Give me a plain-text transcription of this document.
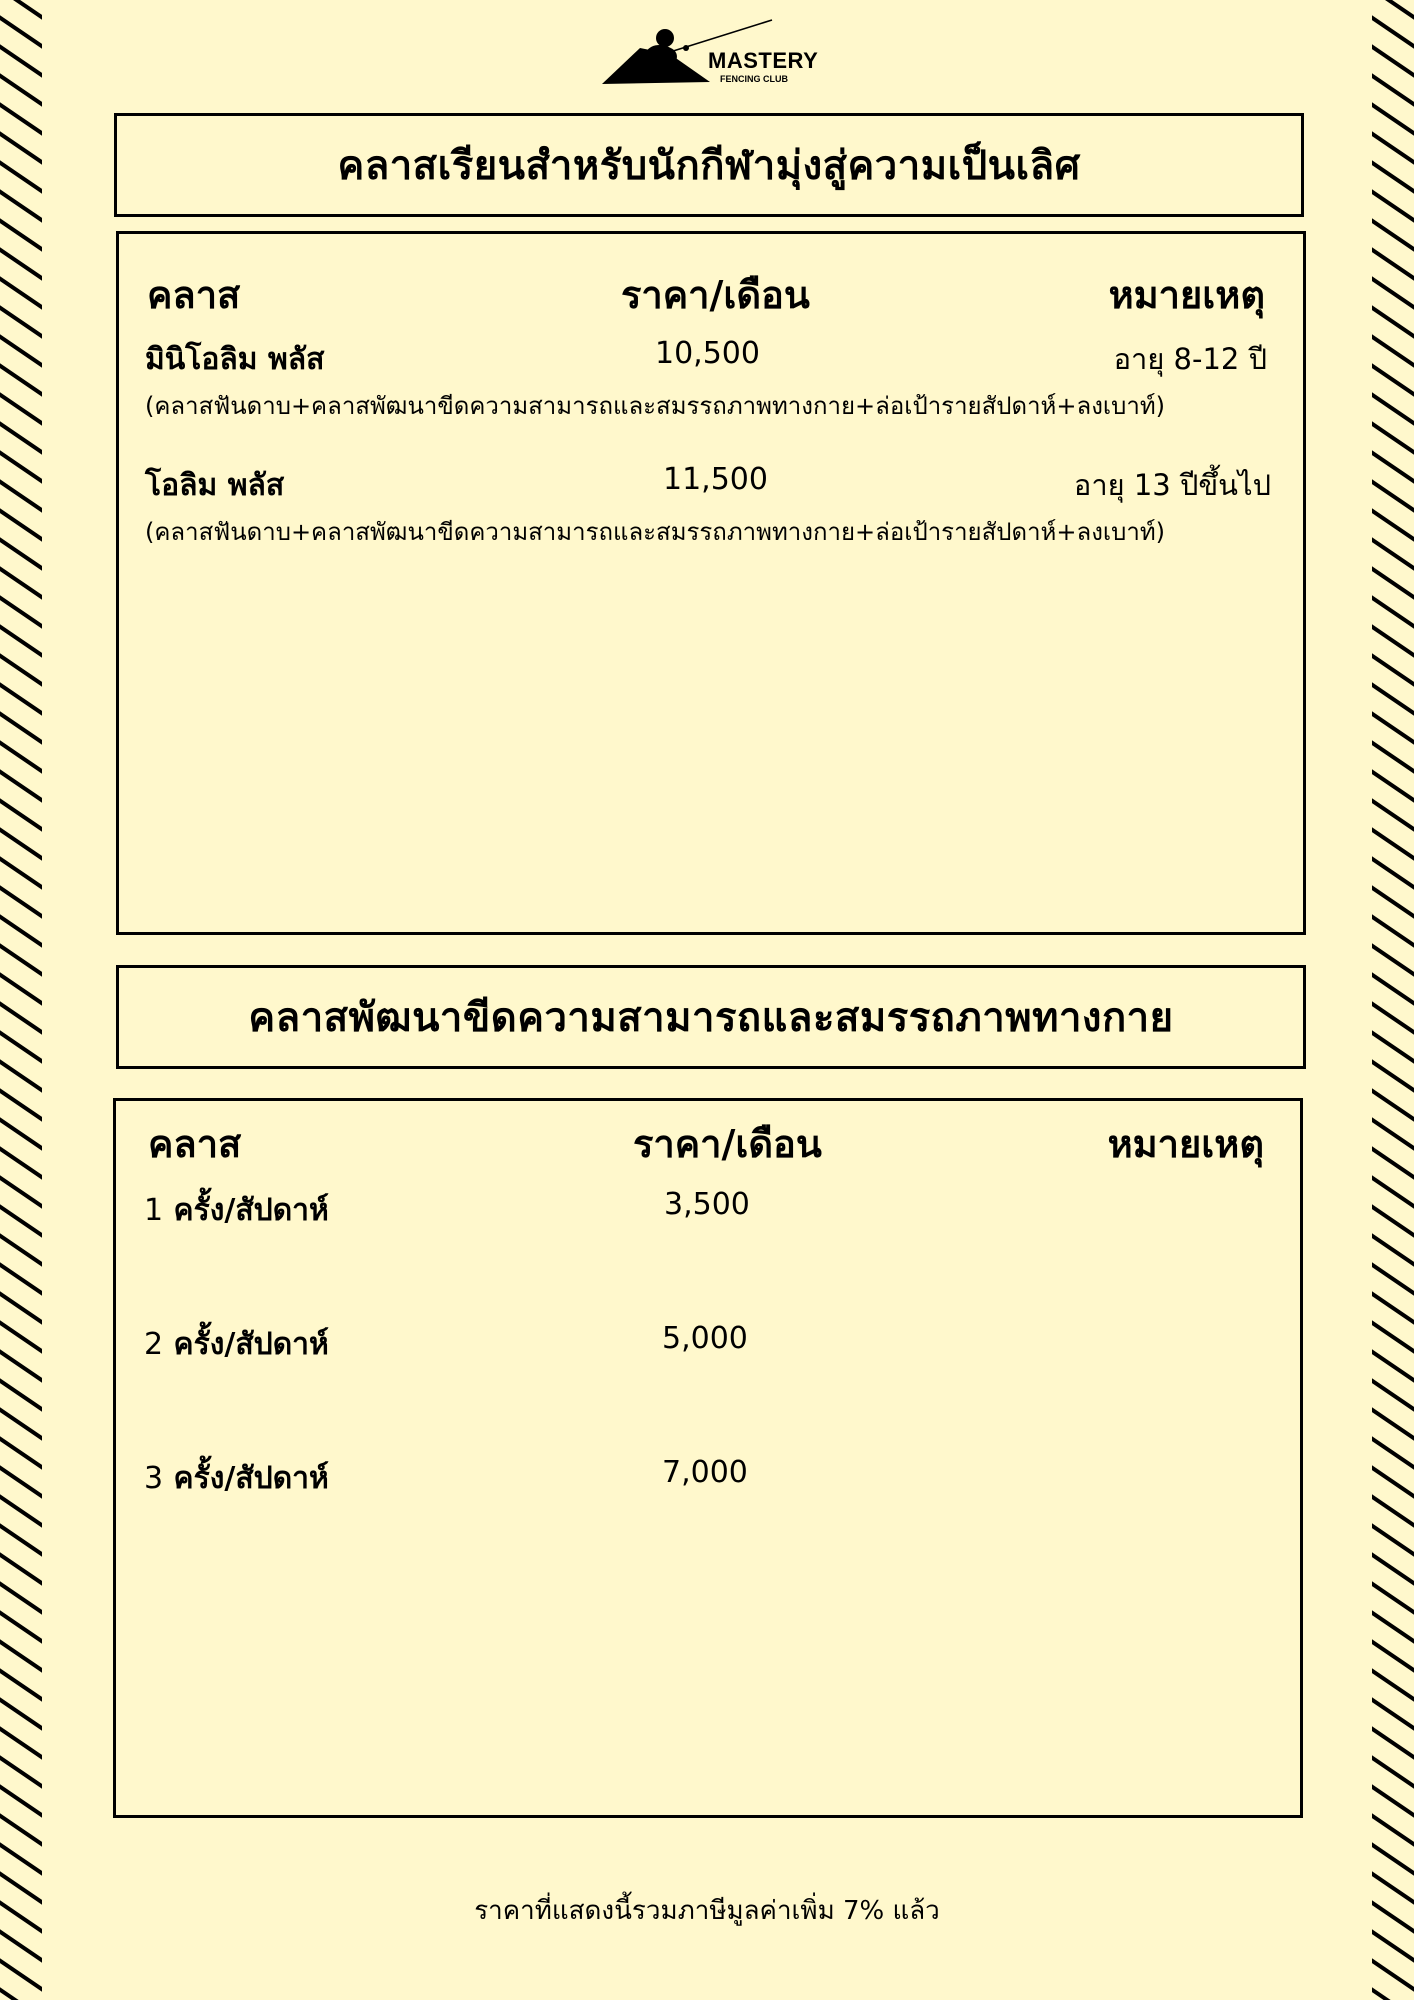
MASTERY
FENCING CLUB
คลาสเรียนสำหรับนักกีฬามุ่งสู่ความเป็นเลิศ
คลาส	ราคา/เดือน	หมายเหตุ
มินิโอลิม พลัส	10,500	อายุ 8-12 ปี
(คลาสฟันดาบ+คลาสพัฒนาขีดความสามารถและสมรรถภาพทางกาย+ล่อเป้ารายสัปดาห์+ลงเบาท์)
โอลิม พลัส	11,500	อายุ 13 ปีขึ้นไป
(คลาสฟันดาบ+คลาสพัฒนาขีดความสามารถและสมรรถภาพทางกาย+ล่อเป้ารายสัปดาห์+ลงเบาท์)
คลาสพัฒนาขีดความสามารถและสมรรถภาพทางกาย
คลาส	ราคา/เดือน	หมายเหตุ
1 ครั้ง/สัปดาห์	3,500
2 ครั้ง/สัปดาห์	5,000
3 ครั้ง/สัปดาห์	7,000
ราคาที่แสดงนี้รวมภาษีมูลค่าเพิ่ม 7% แล้ว
